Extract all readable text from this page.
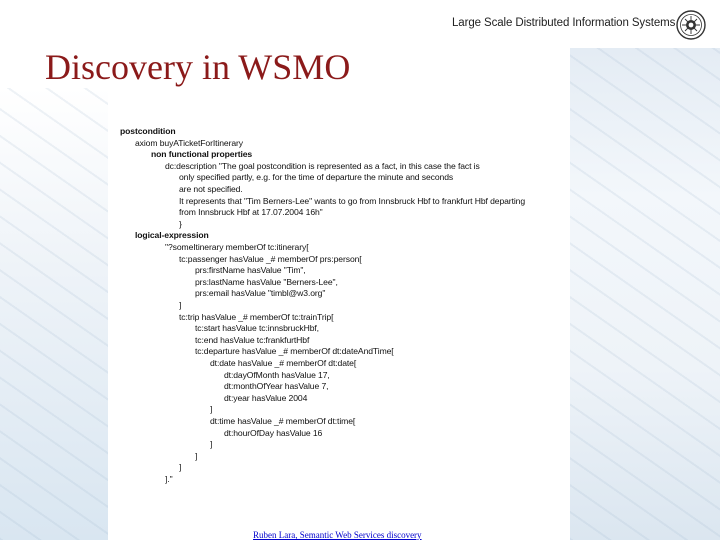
Large Scale Distributed Information Systems
Discovery in WSMO
postcondition
axiom buyATicketForItinerary
non functional properties
dc:description "The goal postcondition is represented as a fact, in this case the fact is
only specified partly, e.g. for the time of departure the minute and seconds
are not specified.
It represents that "Tim Berners-Lee" wants to go from Innsbruck Hbf to frankfurt Hbf departing
from Innsbruck Hbf at 17.07.2004 16h"
}
logical-expression
"?someItinerary memberOf tc:itinerary[
tc:passenger hasValue _# memberOf prs:person[
prs:firstName hasValue "Tim",
prs:lastName hasValue "Berners-Lee",
prs:email hasValue "timbl@w3.org"
]
tc:trip hasValue _# memberOf tc:trainTrip[
tc:start hasValue tc:innsbruckHbf,
tc:end hasValue tc:frankfurtHbf
tc:departure hasValue _# memberOf dt:dateAndTime[
dt:date hasValue _# memberOf dt:date[
dt:dayOfMonth hasValue 17,
dt:monthOfYear hasValue 7,
dt:year hasValue 2004
]
dt:time hasValue _# memberOf dt:time[
dt:hourOfDay hasValue 16
]
]
]
]."
Ruben Lara, Semantic Web Services discovery
